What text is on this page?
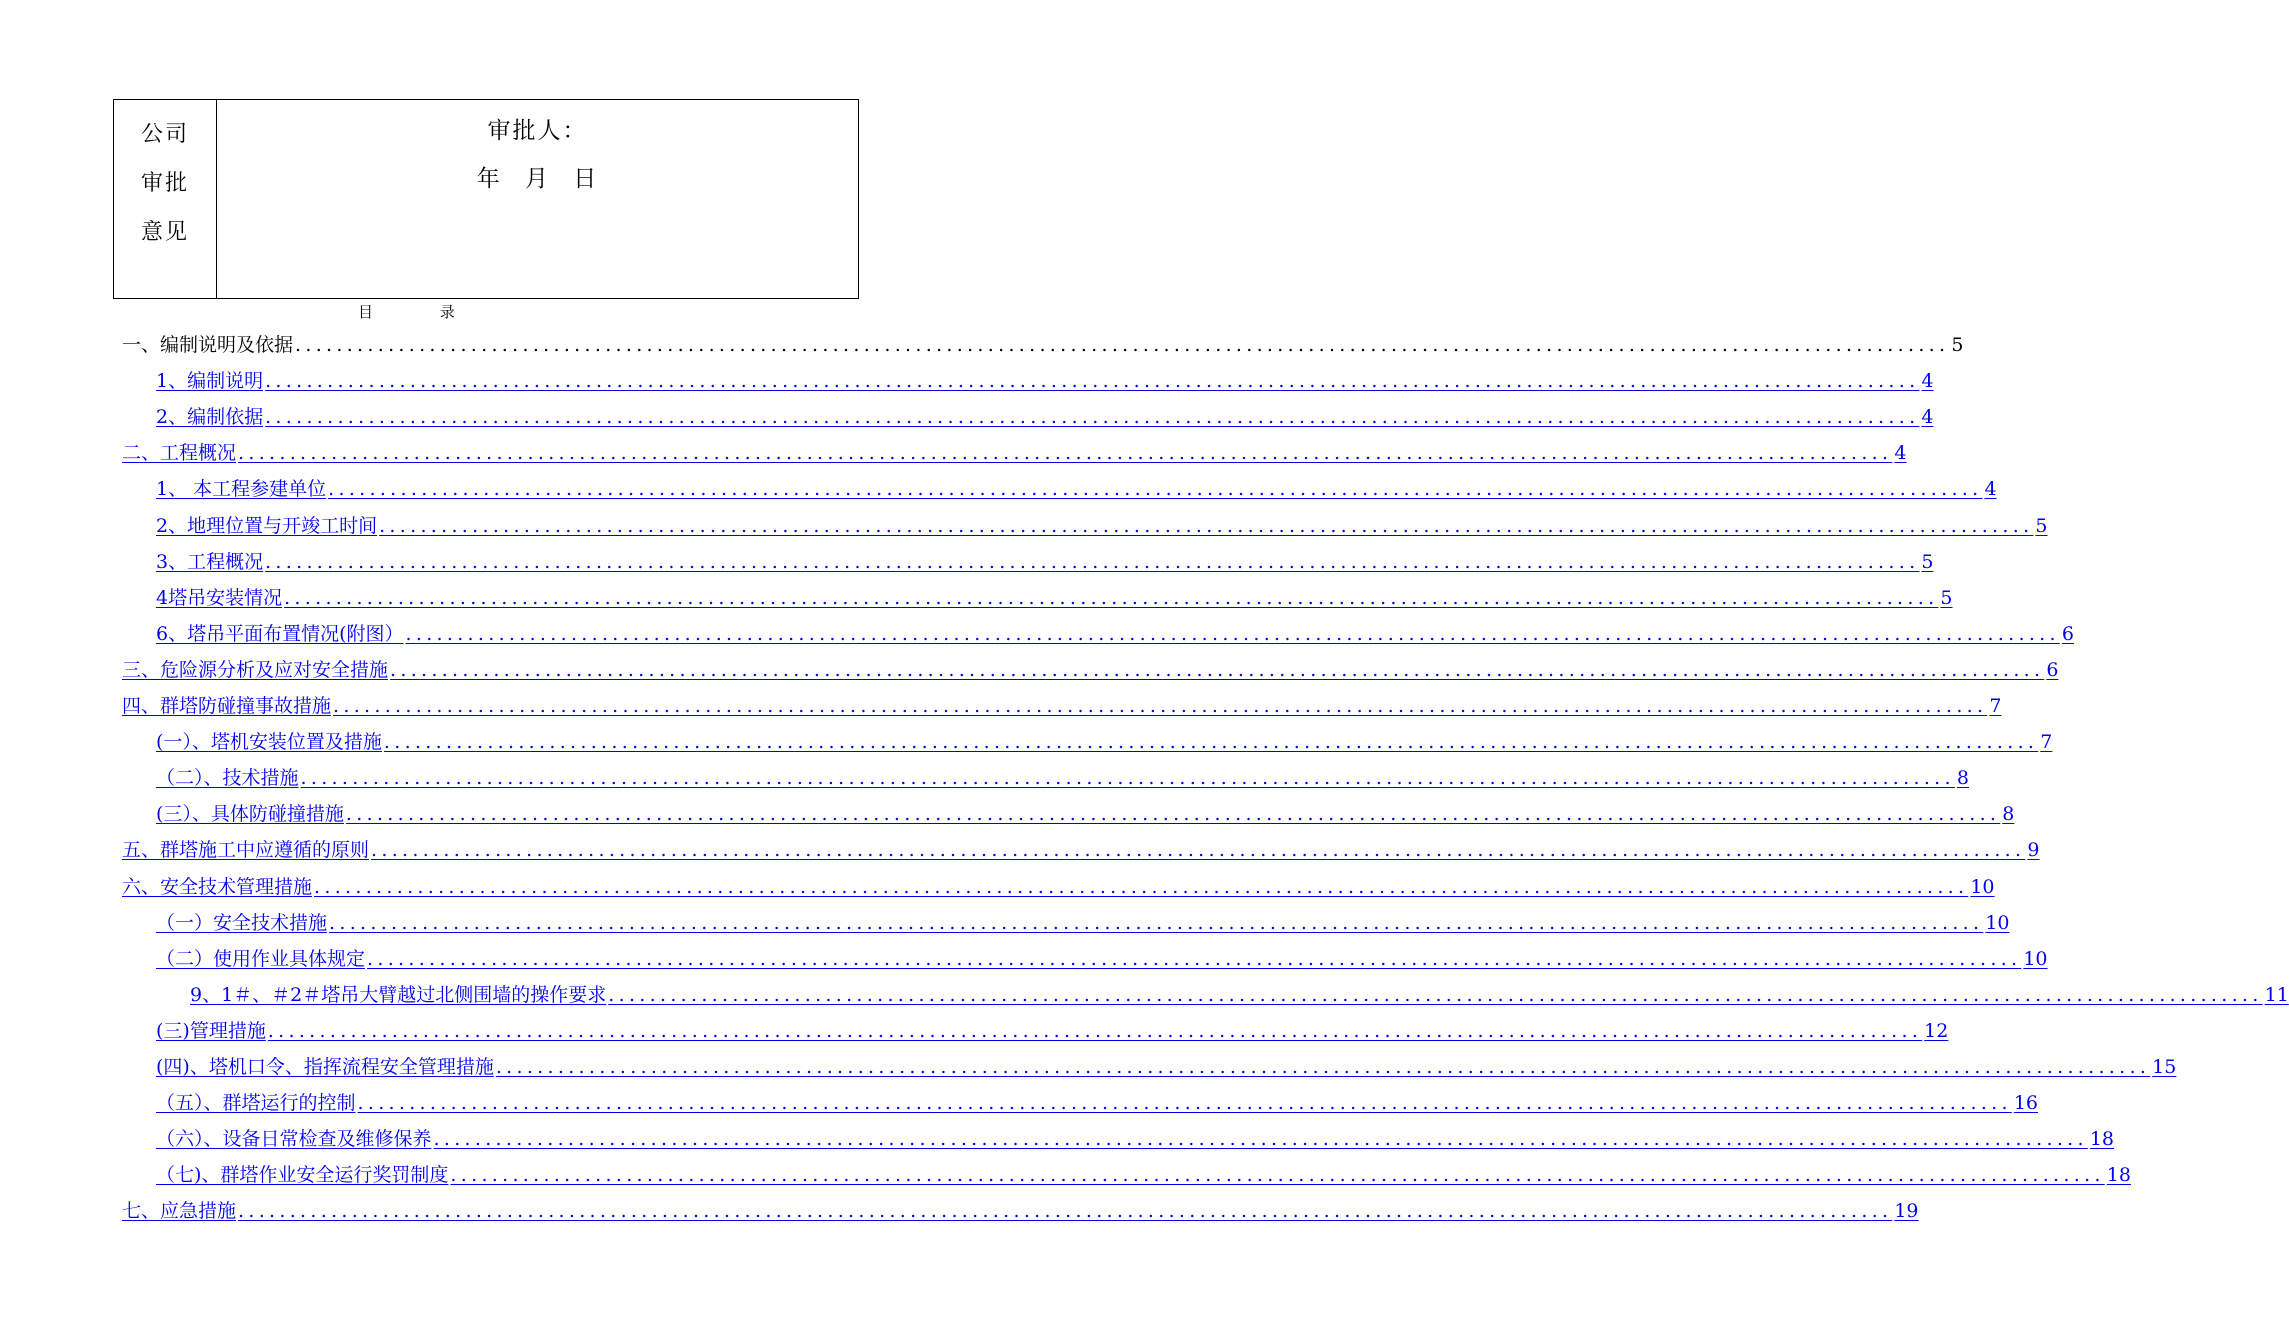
公司
审批
意见
审批人：
年 月 日
目 录
一、编制说明及依据 ................................................................................................................................................................ 5
1、编制说明 ................................................................................................................................................................ 4
2、编制依据 ................................................................................................................................................................ 4
二、工程概况 ................................................................................................................................................................ 4
1、 本工程参建单位 ................................................................................................................................................................ 4
2、地理位置与开竣工时间 ................................................................................................................................................................ 5
3、工程概况 ................................................................................................................................................................ 5
4塔吊安装情况 ................................................................................................................................................................ 5
6、塔吊平面布置情况(附图） ................................................................................................................................................................ 6
三、危险源分析及应对安全措施 ................................................................................................................................................................ 6
四、群塔防碰撞事故措施 ................................................................................................................................................................ 7
(一）、塔机安装位置及措施 ................................................................................................................................................................ 7
（二）、技术措施 ................................................................................................................................................................ 8
(三）、具体防碰撞措施 ................................................................................................................................................................ 8
五、群塔施工中应遵循的原则 ................................................................................................................................................................ 9
六、安全技术管理措施 ................................................................................................................................................................ 10
（一）安全技术措施 ................................................................................................................................................................ 10
（二）使用作业具体规定 ................................................................................................................................................................ 10
9、1＃、＃2＃塔吊大臂越过北侧围墙的操作要求 ................................................................................................................................................................ 11
(三)管理措施 ................................................................................................................................................................ 12
(四)、塔机口令、指挥流程安全管理措施 ................................................................................................................................................................ 15
（五）、群塔运行的控制 ................................................................................................................................................................ 16
（六）、设备日常检查及维修保养 ................................................................................................................................................................ 18
（七)、群塔作业安全运行奖罚制度 ................................................................................................................................................................ 18
七、应急措施 ................................................................................................................................................................ 19
